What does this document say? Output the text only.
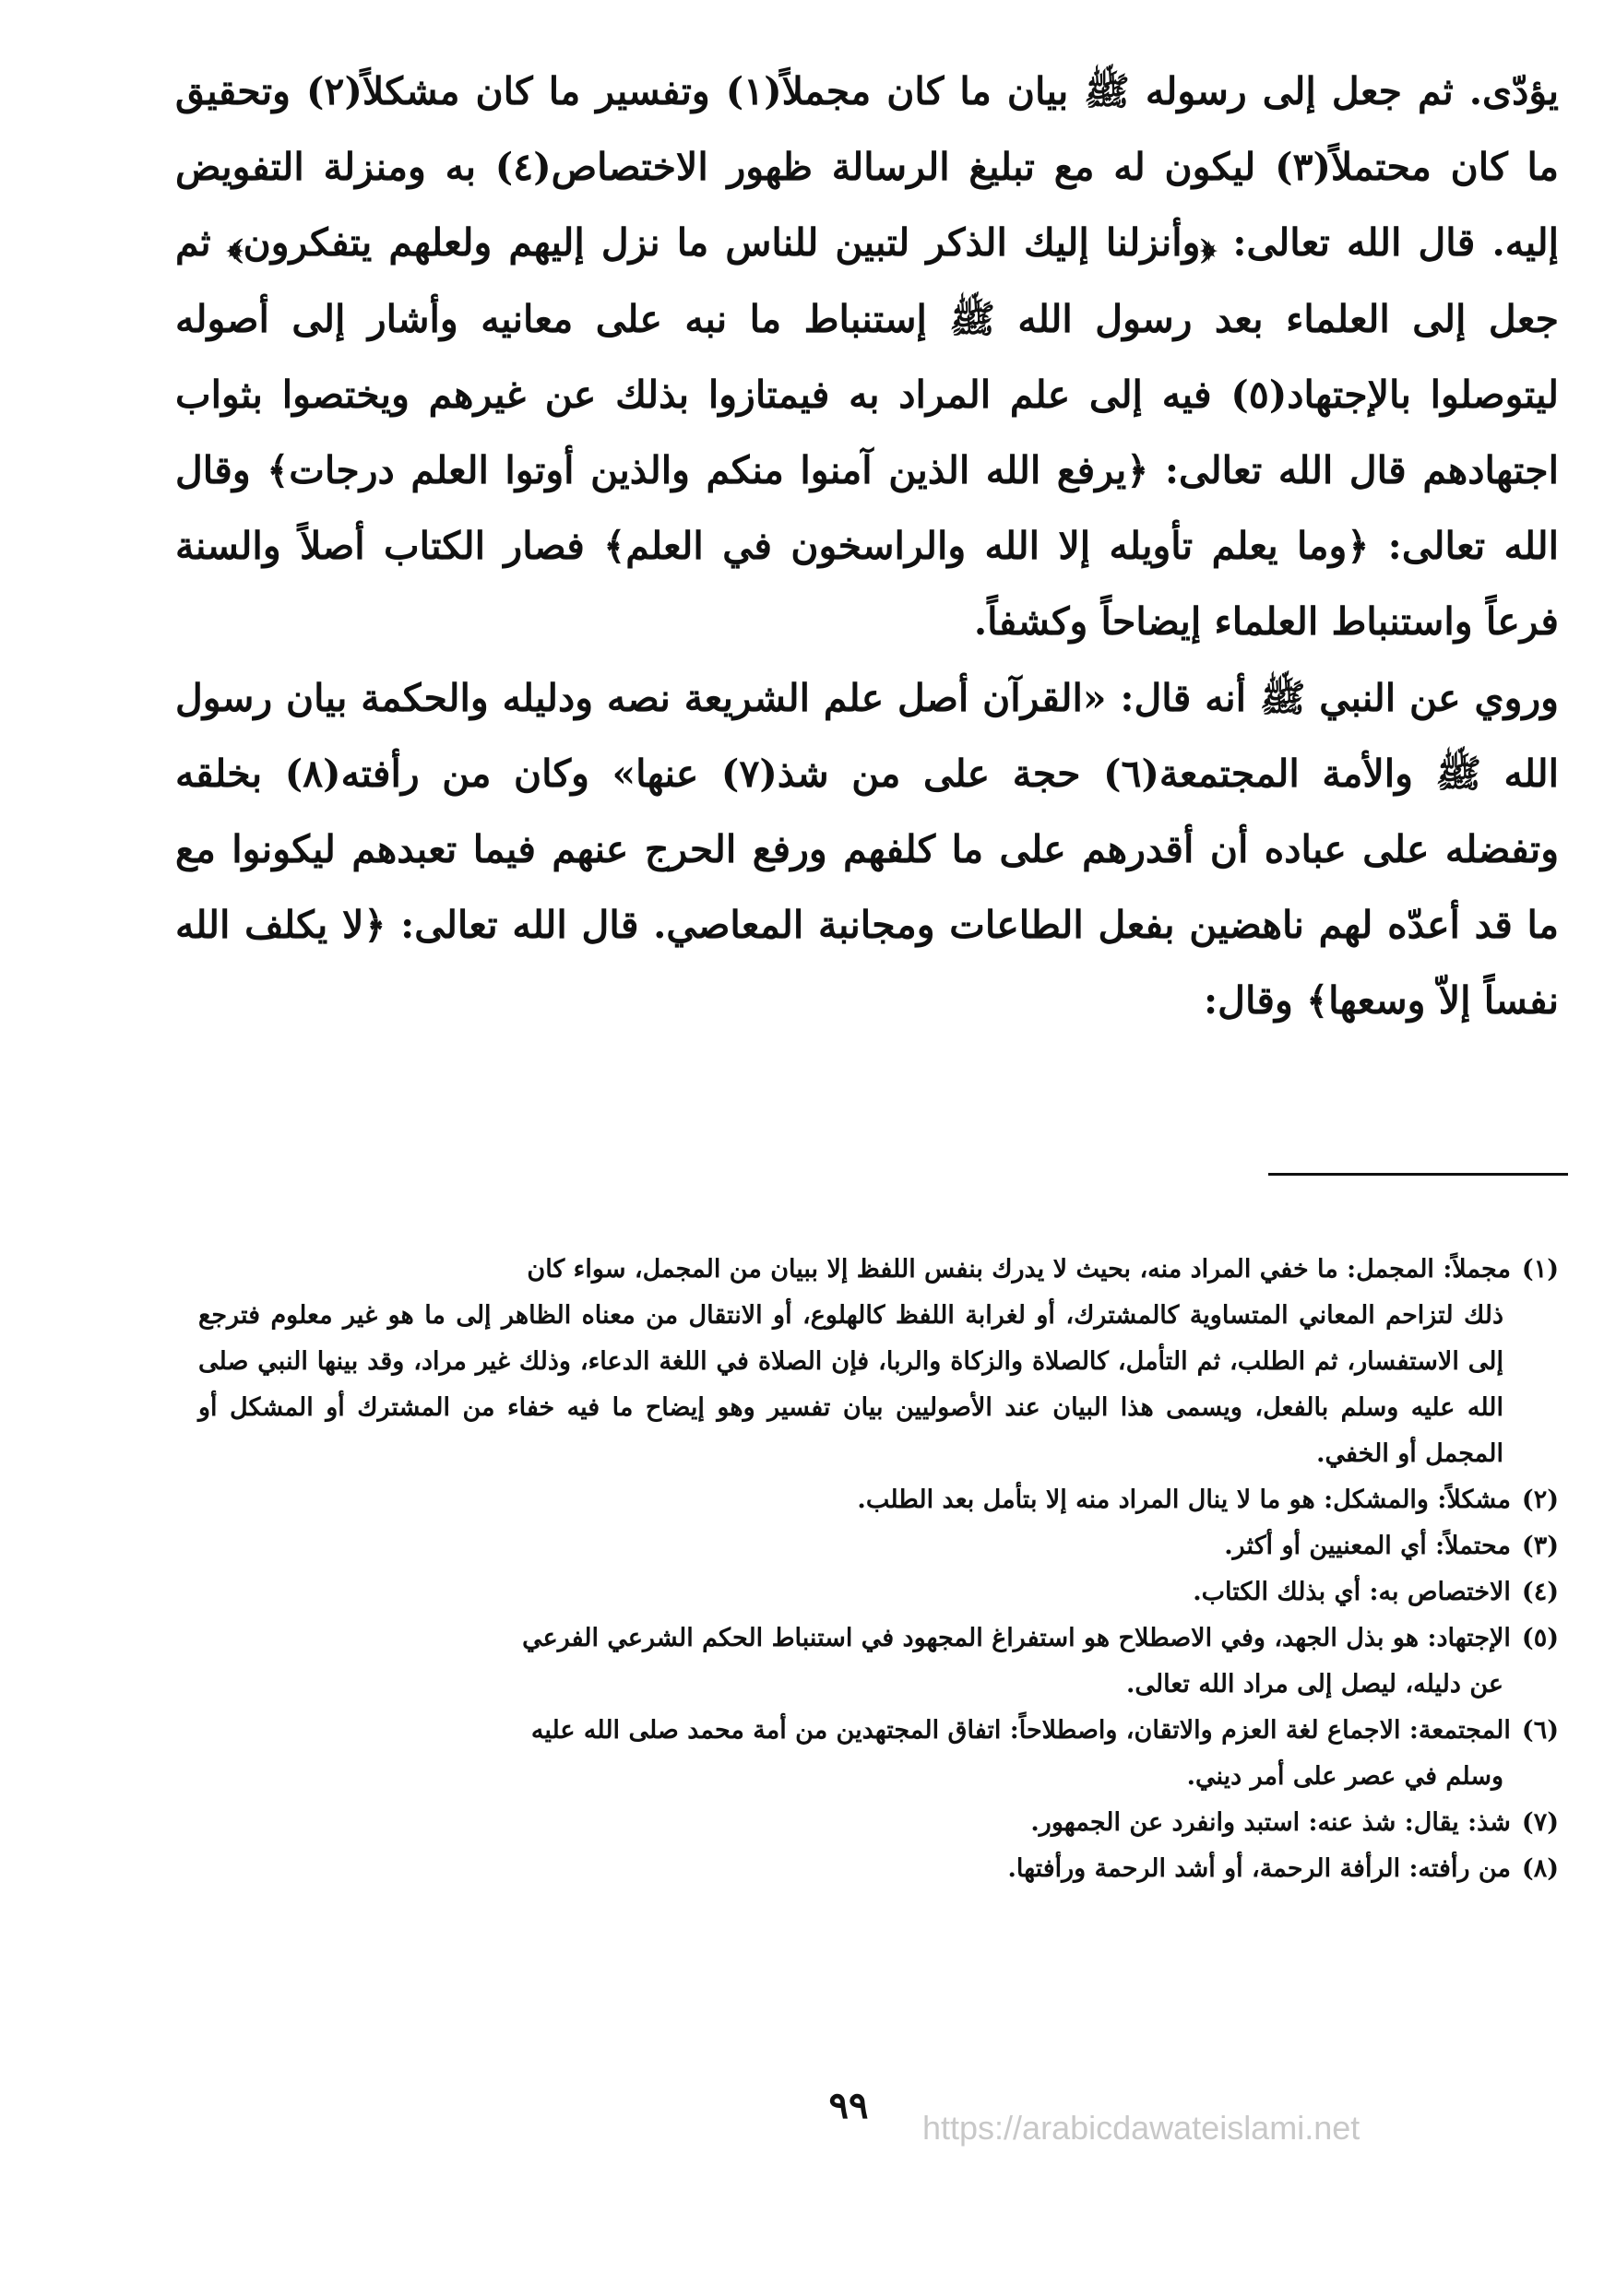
يؤدّى. ثم جعل إلى رسوله ﷺ بيان ما كان مجملاً(١) وتفسير ما كان مشكلاً(٢) وتحقيق ما كان محتملاً(٣) ليكون له مع تبليغ الرسالة ظهور الاختصاص(٤) به ومنزلة التفويض إليه. قال الله تعالى: ﴿وأنزلنا إليك الذكر لتبين للناس ما نزل إليهم ولعلهم يتفكرون﴾ ثم جعل إلى العلماء بعد رسول الله ﷺ إستنباط ما نبه على معانيه وأشار إلى أصوله ليتوصلوا بالإجتهاد(٥) فيه إلى علم المراد به فيمتازوا بذلك عن غيرهم ويختصوا بثواب اجتهادهم قال الله تعالى: ﴿يرفع الله الذين آمنوا منكم والذين أوتوا العلم درجات﴾ وقال الله تعالى: ﴿وما يعلم تأويله إلا الله والراسخون في العلم﴾ فصار الكتاب أصلاً والسنة فرعاً واستنباط العلماء إيضاحاً وكشفاً.

وروي عن النبي ﷺ أنه قال: «القرآن أصل علم الشريعة نصه ودليله والحكمة بيان رسول الله ﷺ والأمة المجتمعة(٦) حجة على من شذ(٧) عنها» وكان من رأفته(٨) بخلقه وتفضله على عباده أن أقدرهم على ما كلفهم ورفع الحرج عنهم فيما تعبدهم ليكونوا مع ما قد أعدّه لهم ناهضين بفعل الطاعات ومجانبة المعاصي. قال الله تعالى: ﴿لا يكلف الله نفساً إلاّ وسعها﴾ وقال:

(١)مجملاً: المجمل: ما خفي المراد منه، بحيث لا يدرك بنفس اللفظ إلا ببيان من المجمل، سواء كان
ذلك لتزاحم المعاني المتساوية كالمشترك، أو لغرابة اللفظ كالهلوع، أو الانتقال من معناه الظاهر إلى ما هو غير معلوم فترجع إلى الاستفسار، ثم الطلب، ثم التأمل، كالصلاة والزكاة والربا، فإن الصلاة في اللغة الدعاء، وذلك غير مراد، وقد بينها النبي صلى الله عليه وسلم بالفعل، ويسمى هذا البيان عند الأصوليين بيان تفسير وهو إيضاح ما فيه خفاء من المشترك أو المشكل أو المجمل أو الخفي.
(٢)مشكلاً: والمشكل: هو ما لا ينال المراد منه إلا بتأمل بعد الطلب.
(٣)محتملاً: أي المعنيين أو أكثر.
(٤)الاختصاص به: أي بذلك الكتاب.
(٥)الإجتهاد: هو بذل الجهد، وفي الاصطلاح هو استفراغ المجهود في استنباط الحكم الشرعي الفرعي
عن دليله، ليصل إلى مراد الله تعالى.
(٦)المجتمعة: الاجماع لغة العزم والاتقان، واصطلاحاً: اتفاق المجتهدين من أمة محمد صلى الله عليه
وسلم في عصر على أمر ديني.
(٧)شذ: يقال: شذ عنه: استبد وانفرد عن الجمهور.
(٨)من رأفته: الرأفة الرحمة، أو أشد الرحمة ورأفتها.
٩٩
https://arabicdawateislami.net
